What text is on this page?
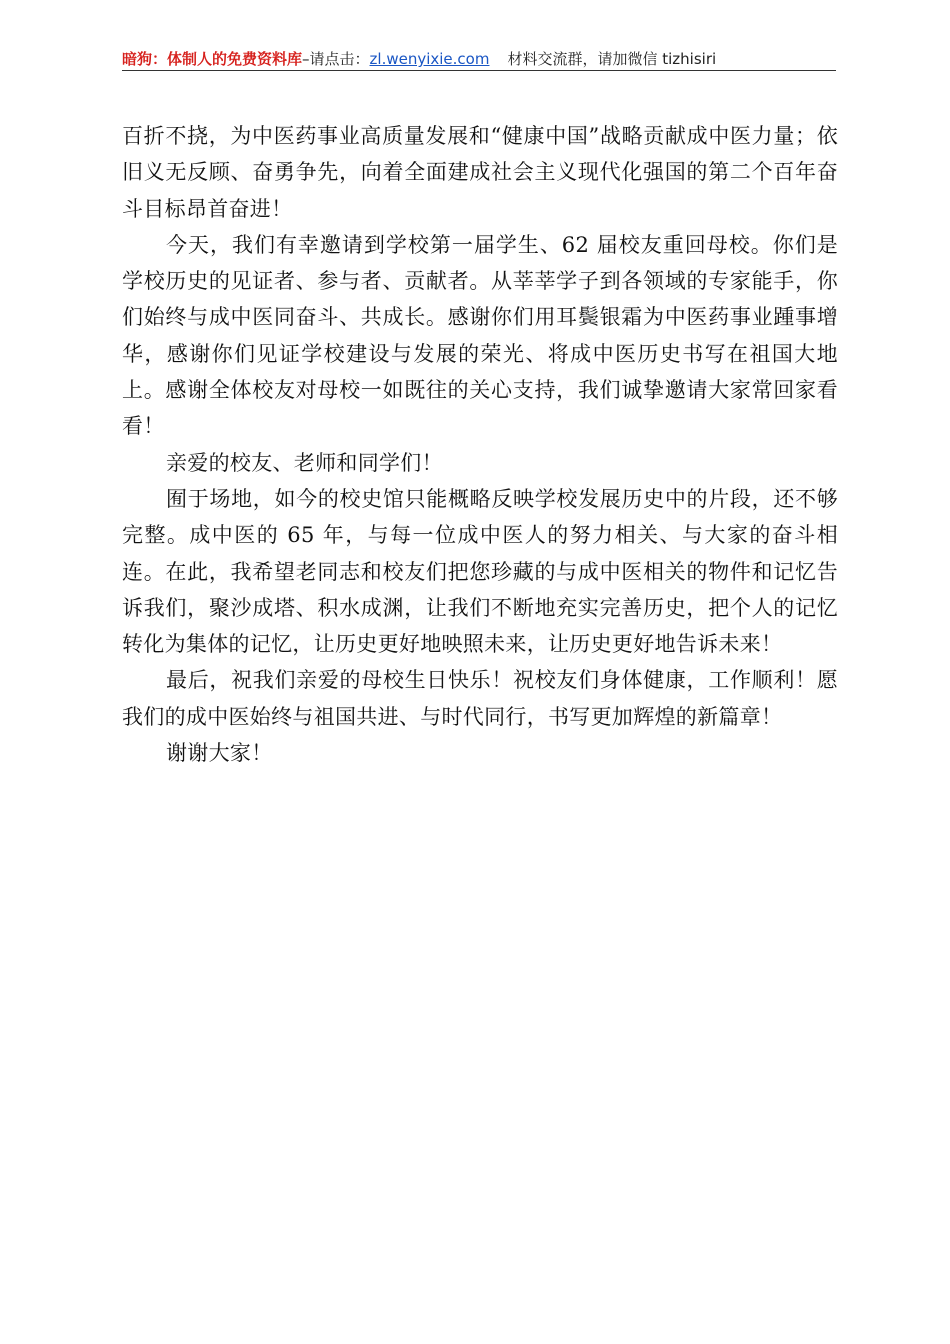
暗狗：体制人的免费资料库–请点击：zl.wenyixie.com 材料交流群，请加微信 tizhisiri

百折不挠，为中医药事业高质量发展和“健康中国”战略贡献成中医力量；依旧义无反顾、奋勇争先，向着全面建成社会主义现代化强国的第二个百年奋斗目标昂首奋进！

今天，我们有幸邀请到学校第一届学生、62 届校友重回母校。你们是学校历史的见证者、参与者、贡献者。从莘莘学子到各领域的专家能手，你们始终与成中医同奋斗、共成长。感谢你们用耳鬓银霜为中医药事业踵事增华，感谢你们见证学校建设与发展的荣光、将成中医历史书写在祖国大地上。感谢全体校友对母校一如既往的关心支持，我们诚挚邀请大家常回家看看！

亲爱的校友、老师和同学们！

囿于场地，如今的校史馆只能概略反映学校发展历史中的片段，还不够完整。成中医的 65 年，与每一位成中医人的努力相关、与大家的奋斗相连。在此，我希望老同志和校友们把您珍藏的与成中医相关的物件和记忆告诉我们，聚沙成塔、积水成渊，让我们不断地充实完善历史，把个人的记忆转化为集体的记忆，让历史更好地映照未来，让历史更好地告诉未来！

最后，祝我们亲爱的母校生日快乐！祝校友们身体健康，工作顺利！愿我们的成中医始终与祖国共进、与时代同行，书写更加辉煌的新篇章！

谢谢大家！
